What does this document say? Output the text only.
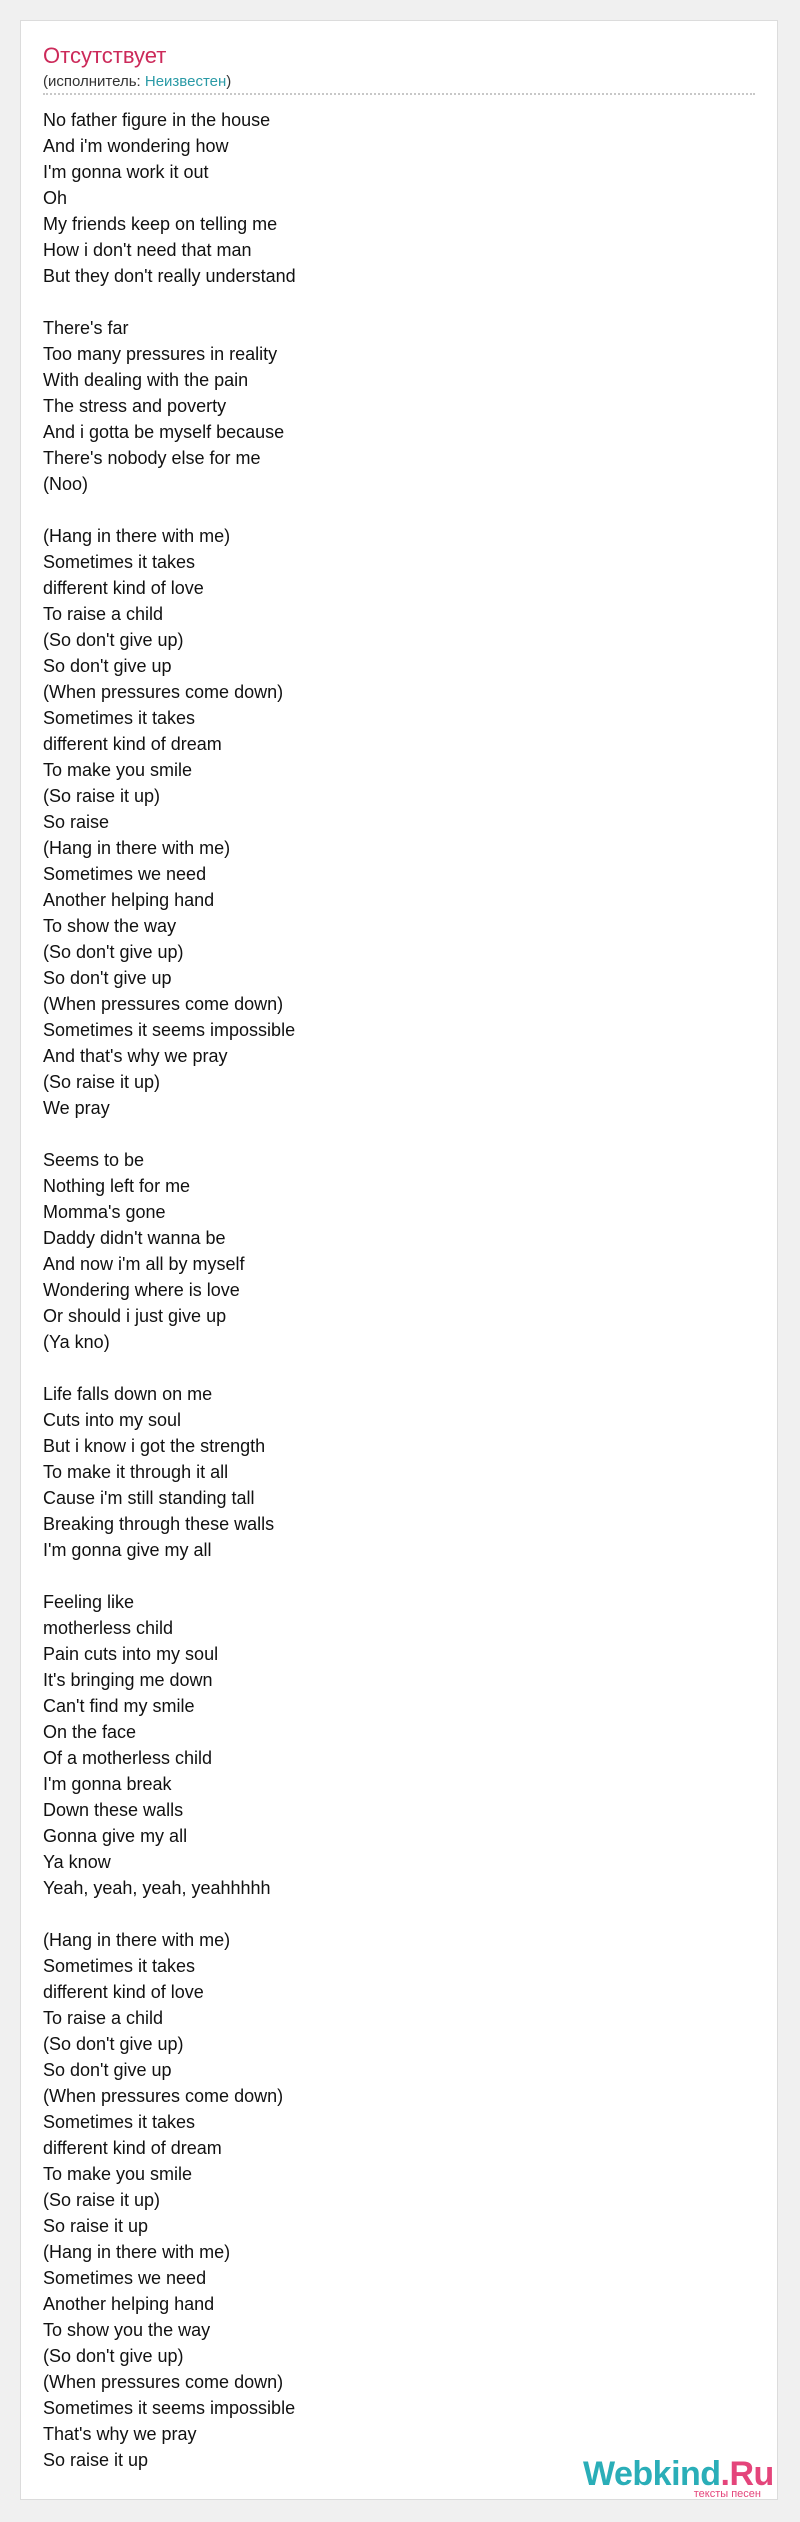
Отсутствует
(исполнитель: Неизвестен)
No father figure in the house
And i'm wondering how
I'm gonna work it out
Oh
My friends keep on telling me
How i don't need that man
But they don't really understand
There's far
Too many pressures in reality
With dealing with the pain
The stress and poverty
And i gotta be myself because
There's nobody else for me
(Noo)
(Hang in there with me)
Sometimes it takes
different kind of love
To raise a child
(So don't give up)
So don't give up
(When pressures come down)
Sometimes it takes
different kind of dream
To make you smile
(So raise it up)
So raise
(Hang in there with me)
Sometimes we need
Another helping hand
To show the way
(So don't give up)
So don't give up
(When pressures come down)
Sometimes it seems impossible
And that's why we pray
(So raise it up)
We pray
Seems to be
Nothing left for me
Momma's gone
Daddy didn't wanna be
And now i'm all by myself
Wondering where is love
Or should i just give up
(Ya kno)
Life falls down on me
Cuts into my soul
But i know i got the strength
To make it through it all
Cause i'm still standing tall
Breaking through these walls
I'm gonna give my all
Feeling like
motherless child
Pain cuts into my soul
It's bringing me down
Can't find my smile
On the face
Of a motherless child
I'm gonna break
Down these walls
Gonna give my all
Ya know
Yeah, yeah, yeah, yeahhhhh
(Hang in there with me)
Sometimes it takes
different kind of love
To raise a child
(So don't give up)
So don't give up
(When pressures come down)
Sometimes it takes
different kind of dream
To make you smile
(So raise it up)
So raise it up
(Hang in there with me)
Sometimes we need
Another helping hand
To show you the way
(So don't give up)
(When pressures come down)
Sometimes it seems impossible
That's why we pray
So raise it up	Webkind.Ru
тексты песен
